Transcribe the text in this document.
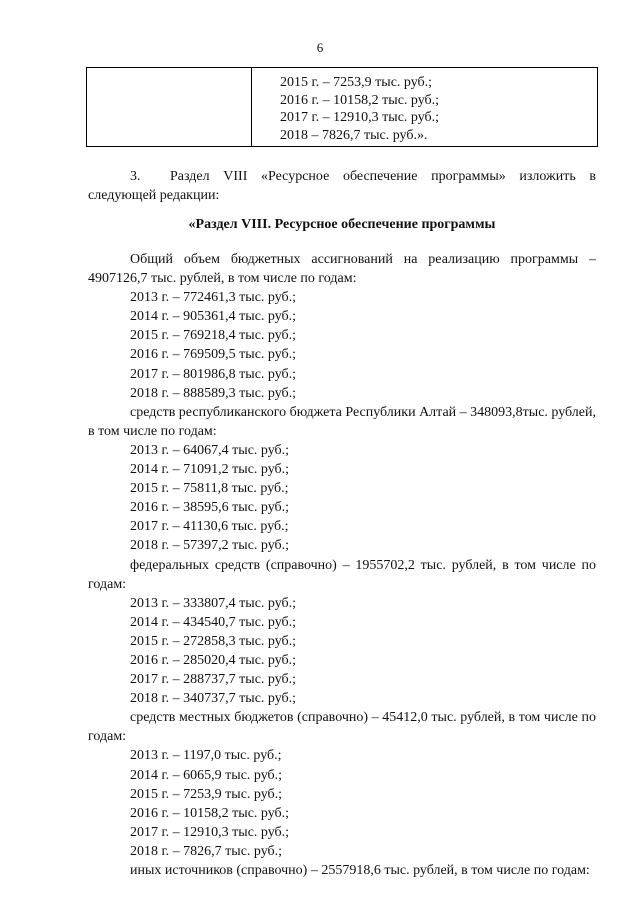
6
2015 г. – 7253,9 тыс. руб.;
2016 г. – 10158,2 тыс. руб.;
2017 г. – 12910,3 тыс. руб.;
2018 – 7826,7 тыс. руб.».
3. Раздел VIII «Ресурсное обеспечение программы» изложить в
следующей редакции:
«Раздел VIII. Ресурсное обеспечение программы
Общий объем бюджетных ассигнований на реализацию программы – 4907126,7 тыс. рублей, в том числе по годам:
2013 г. – 772461,3 тыс. руб.;
2014 г. – 905361,4 тыс. руб.;
2015 г. – 769218,4 тыс. руб.;
2016 г. – 769509,5 тыс. руб.;
2017 г. – 801986,8 тыс. руб.;
2018 г. – 888589,3 тыс. руб.;
средств республиканского бюджета Республики Алтай – 348093,8тыс. рублей, в том числе по годам:
2013 г. – 64067,4 тыс. руб.;
2014 г. – 71091,2 тыс. руб.;
2015 г. – 75811,8 тыс. руб.;
2016 г. – 38595,6 тыс. руб.;
2017 г. – 41130,6 тыс. руб.;
2018 г. – 57397,2 тыс. руб.;
федеральных средств (справочно) – 1955702,2 тыс. рублей, в том числе по годам:
2013 г. – 333807,4 тыс. руб.;
2014 г. – 434540,7 тыс. руб.;
2015 г. – 272858,3 тыс. руб.;
2016 г. – 285020,4 тыс. руб.;
2017 г. – 288737,7 тыс. руб.;
2018 г. – 340737,7 тыс. руб.;
средств местных бюджетов (справочно) – 45412,0 тыс. рублей, в том числе по годам:
2013 г. – 1197,0 тыс. руб.;
2014 г. – 6065,9 тыс. руб.;
2015 г. – 7253,9 тыс. руб.;
2016 г. – 10158,2 тыс. руб.;
2017 г. – 12910,3 тыс. руб.;
2018 г. – 7826,7 тыс. руб.;
иных источников (справочно) – 2557918,6 тыс. рублей, в том числе по годам:
